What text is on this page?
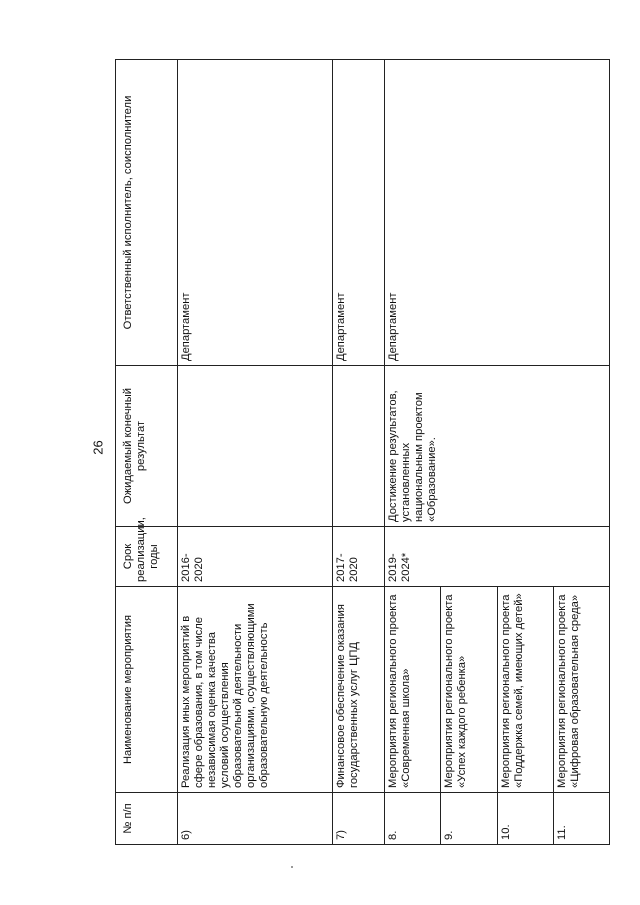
26
№ п/п	Наименование мероприятия	Срок реализации, годы	Ожидаемый конечный результат	Ответственный исполнитель, соисполнители
6)	Реализация иных мероприятий в сфере образования, в том числе независимая оценка качества условий осуществления образовательной деятельности организациями, осуществляющими образовательную деятельность	2016-2020		Департамент
7)	Финансовое обеспечение оказания государственных услуг ЦПД	2017-2020		Департамент
8.	Мероприятия регионального проекта «Современная школа»	2019-2024*	Достижение результатов, установленных национальным проектом «Образование».	Департамент
9.	Мероприятия регионального проекта «Успех каждого ребенка»			
10.	Мероприятия регионального проекта «Поддержка семей, имеющих детей»			
11.	Мероприятия регионального проекта «Цифровая образовательная среда»			
